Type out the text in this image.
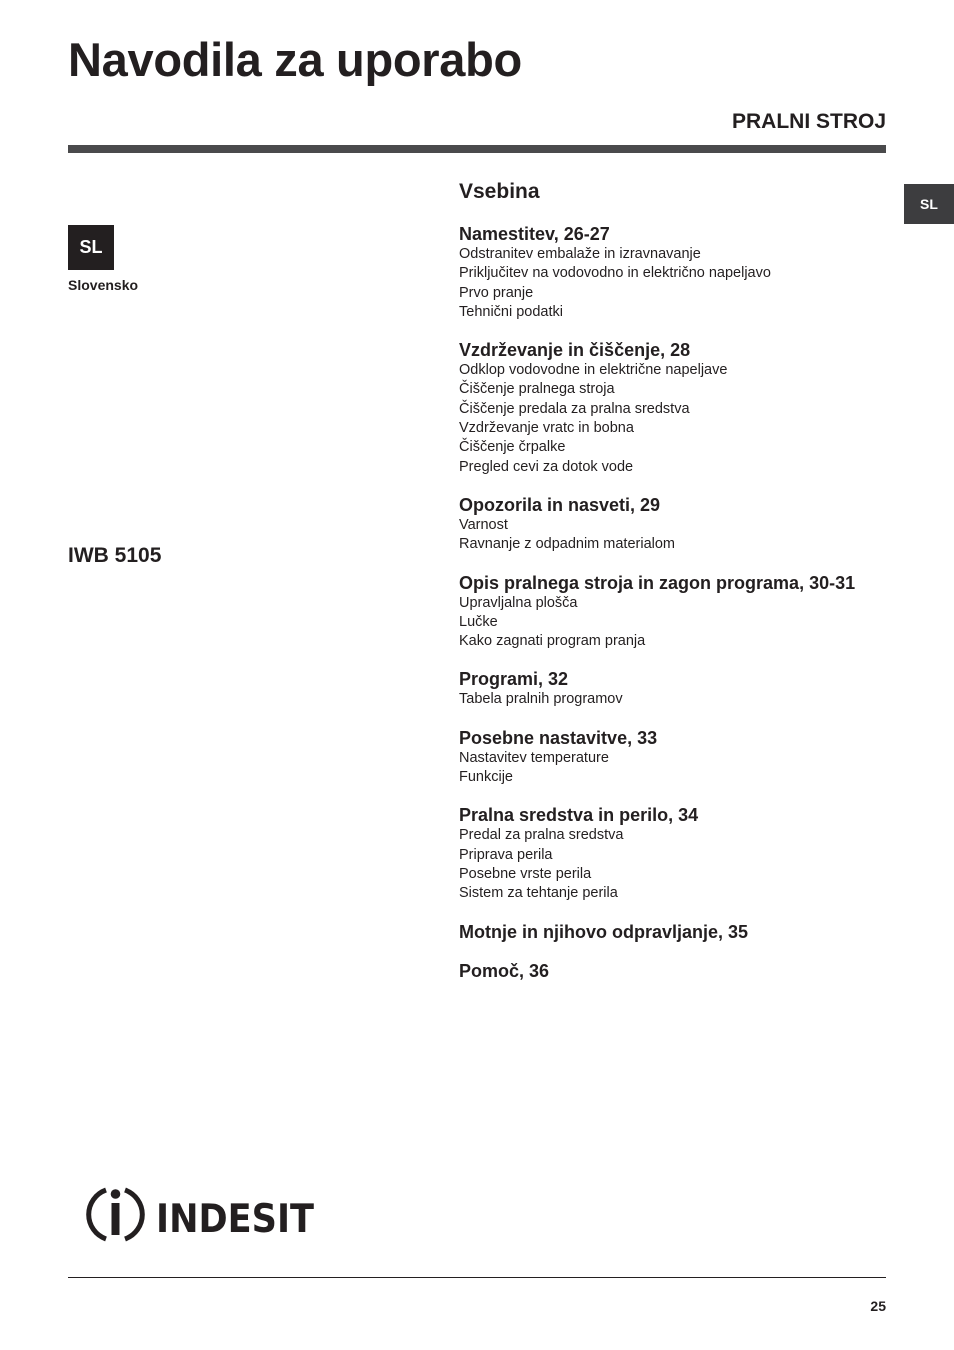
Navodila za uporabo
PRALNI STROJ
SL
SL
Slovensko
IWB 5105
Vsebina
Namestitev, 26-27
Odstranitev embalaže in izravnavanje
Priključitev na vodovodno in električno napeljavo
Prvo pranje
Tehnični podatki
Vzdrževanje in čiščenje, 28
Odklop vodovodne in električne napeljave
Čiščenje pralnega stroja
Čiščenje predala za pralna sredstva
Vzdrževanje vratc in bobna
Čiščenje črpalke
Pregled cevi za dotok vode
Opozorila in nasveti, 29
Varnost
Ravnanje z odpadnim materialom
Opis pralnega stroja in zagon programa, 30-31
Upravljalna plošča
Lučke
Kako zagnati program pranja
Programi, 32
Tabela pralnih programov
Posebne nastavitve, 33
Nastavitev temperature
Funkcije
Pralna sredstva in perilo, 34
Predal za pralna sredstva
Priprava perila
Posebne vrste perila
Sistem za tehtanje perila
Motnje in njihovo odpravljanje, 35
Pomoč, 36
INDESIT
25
